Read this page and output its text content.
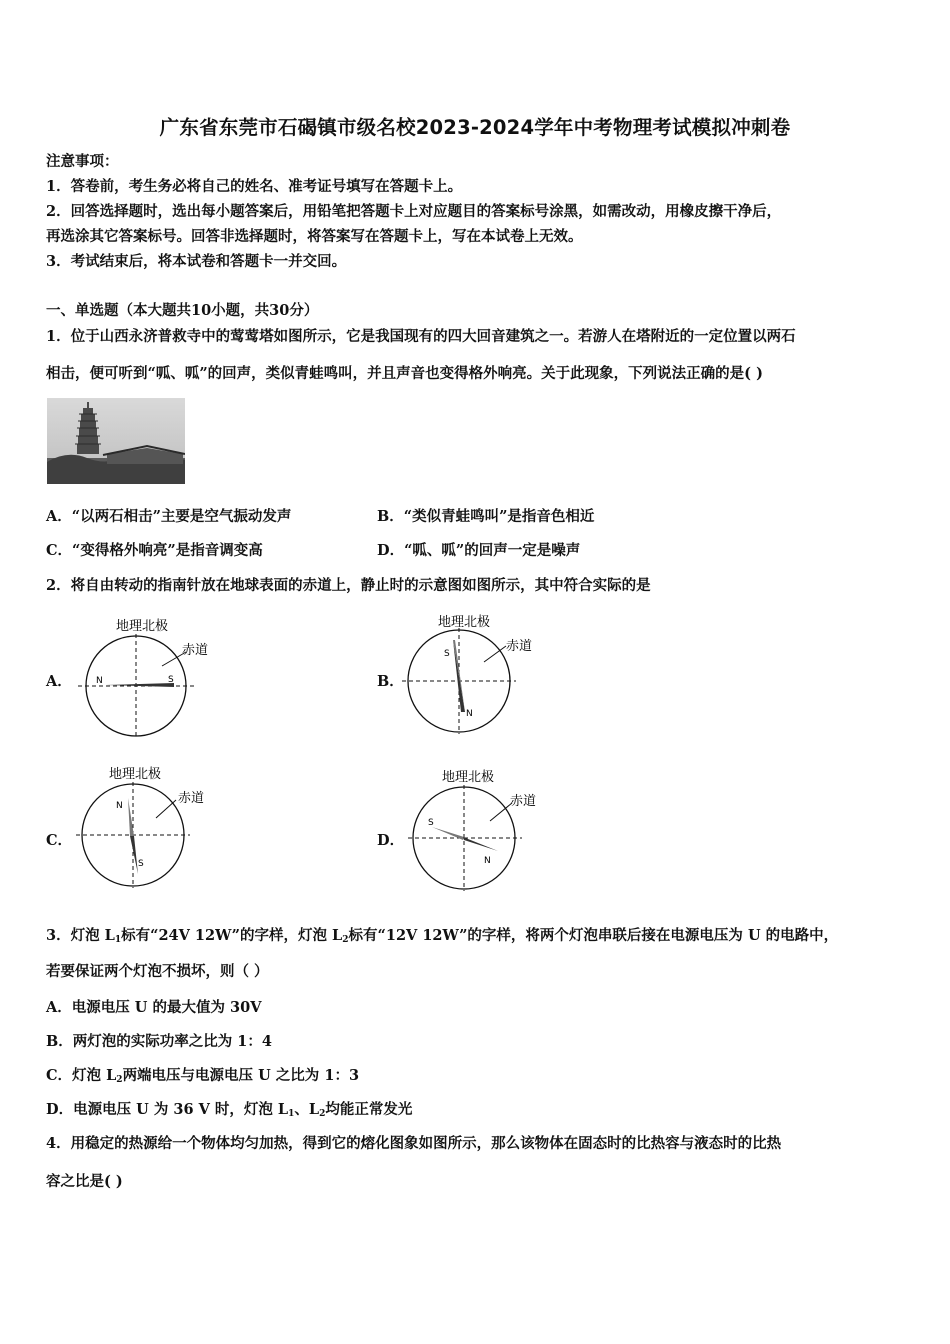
广东省东莞市石碣镇市级名校2023-2024学年中考物理考试模拟冲刺卷
注意事项：
1．答卷前，考生务必将自己的姓名、准考证号填写在答题卡上。
2．回答选择题时，选出每小题答案后，用铅笔把答题卡上对应题目的答案标号涂黑，如需改动，用橡皮擦干净后，
再选涂其它答案标号。回答非选择题时，将答案写在答题卡上，写在本试卷上无效。
3．考试结束后，将本试卷和答题卡一并交回。
一、单选题（本大题共10小题，共30分）
1．位于山西永济普救寺中的莺莺塔如图所示，它是我国现有的四大回音建筑之一。若游人在塔附近的一定位置以两石
相击，便可听到“呱、呱”的回声，类似青蛙鸣叫，并且声音也变得格外响亮。关于此现象，下列说法正确的是( )
A．“以两石相击”主要是空气振动发声	B．“类似青蛙鸣叫”是指音色相近
C．“变得格外响亮”是指音调变高	D．“呱、呱”的回声一定是噪声
2．将自由转动的指南针放在地球表面的赤道上，静止时的示意图如图所示，其中符合实际的是
A．
地理北极
赤道
N	S	B．
地理北极
赤道
S
N
C．
地理北极
赤道
N
S
D．
地理北极
赤道
S
N
3．灯泡 $L_1$标有“24V 12W”的字样，灯泡 $L_2$标有“12V 12W”的字样，将两个灯泡串联后接在电源电压为 U 的电路中，
若要保证两个灯泡不损坏，则（ ）
A．电源电压 U 的最大值为 30V
B．两灯泡的实际功率之比为 1：4
C．灯泡 $L_2$两端电压与电源电压 U 之比为 1：3
D．电源电压 U 为 36 V 时，灯泡 $L_1$、$L_2$均能正常发光
4．用稳定的热源给一个物体均匀加热，得到它的熔化图象如图所示，那么该物体在固态时的比热容与液态时的比热
容之比是( )
